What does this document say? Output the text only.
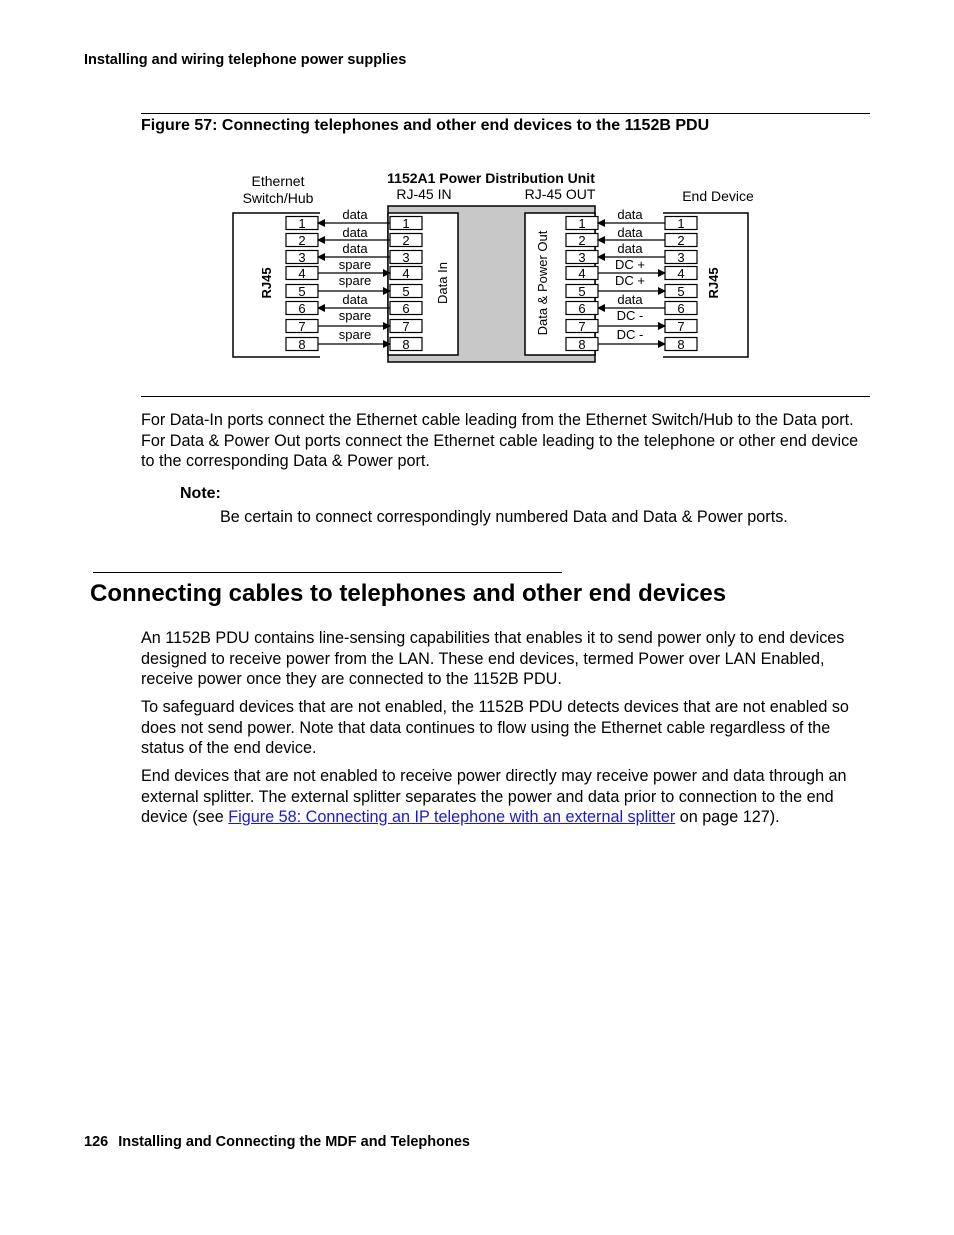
Installing and wiring telephone power supplies
Figure 57: Connecting telephones and other end devices to the 1152B PDU
1152A1 Power Distribution Unit
RJ-45 IN	RJ-45 OUT
Ethernet
Switch/Hub	End Device
Data In	Data & Power Out
RJ45	RJ45
1	1	1	1
data	data
2	2	2	2
data	data
3	3	3	3
data	data
4	4	4	4
spare	DC +
5	5	5	5
spare	DC +
6	6	6	6
data	data
7	7	7	7
spare	DC -
8	8	8	8
spare	DC -
For Data-In ports connect the Ethernet cable leading from the Ethernet Switch/Hub to the Data port. For Data & Power Out ports connect the Ethernet cable leading to the telephone or other end device to the corresponding Data & Power port.
Note:
Be certain to connect correspondingly numbered Data and Data & Power ports.
Connecting cables to telephones and other end devices
An 1152B PDU contains line-sensing capabilities that enables it to send power only to end devices designed to receive power from the LAN. These end devices, termed Power over LAN Enabled, receive power once they are connected to the 1152B PDU.
To safeguard devices that are not enabled, the 1152B PDU detects devices that are not enabled so does not send power. Note that data continues to flow using the Ethernet cable regardless of the status of the end device.
End devices that are not enabled to receive power directly may receive power and data through an external splitter. The external splitter separates the power and data prior to connection to the end device (see Figure 58: Connecting an IP telephone with an external splitter on page 127).
126 Installing and Connecting the MDF and Telephones
